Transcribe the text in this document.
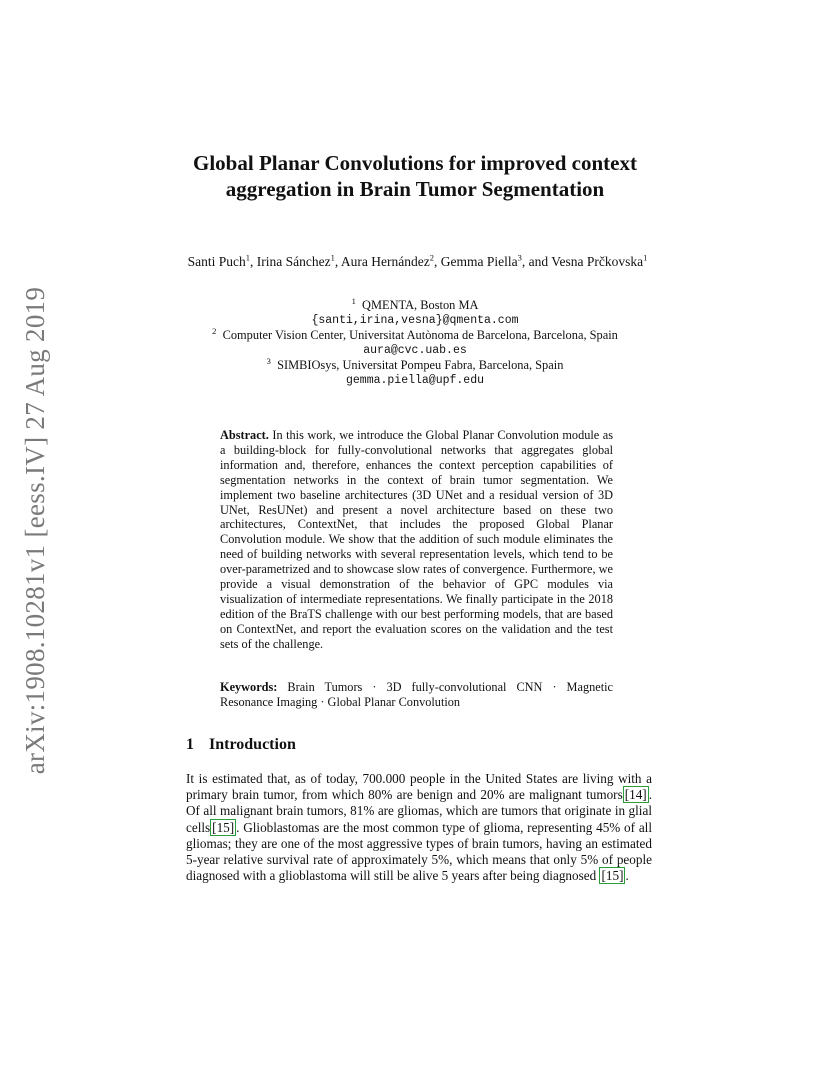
arXiv:1908.10281v1 [eess.IV] 27 Aug 2019
Global Planar Convolutions for improved context aggregation in Brain Tumor Segmentation
Santi Puch$^1$, Irina Sánchez$^1$, Aura Hernández$^2$, Gemma Piella$^3$, and Vesna Prčkovska$^1$
$^1$ QMENTA, Boston MA
{santi,irina,vesna}@qmenta.com
$^2$ Computer Vision Center, Universitat Autònoma de Barcelona, Barcelona, Spain
aura@cvc.uab.es
$^3$ SIMBIOsys, Universitat Pompeu Fabra, Barcelona, Spain
gemma.piella@upf.edu
Abstract. In this work, we introduce the Global Planar Convolution module as a building-block for fully-convolutional networks that aggregates global information and, therefore, enhances the context perception capabilities of segmentation networks in the context of brain tumor segmentation. We implement two baseline architectures (3D UNet and a residual version of 3D UNet, ResUNet) and present a novel architecture based on these two architectures, ContextNet, that includes the proposed Global Planar Convolution module. We show that the addition of such module eliminates the need of building networks with several representation levels, which tend to be over-parametrized and to showcase slow rates of convergence. Furthermore, we provide a visual demonstration of the behavior of GPC modules via visualization of intermediate representations. We finally participate in the 2018 edition of the BraTS challenge with our best performing models, that are based on ContextNet, and report the evaluation scores on the validation and the test sets of the challenge.
Keywords: Brain Tumors · 3D fully-convolutional CNN · Magnetic Resonance Imaging · Global Planar Convolution
1 Introduction
It is estimated that, as of today, 700.000 people in the United States are living with a primary brain tumor, from which 80% are benign and 20% are malignant tumors [14] . Of all malignant brain tumors, 81% are gliomas, which are tumors that originate in glial cells [15] . Glioblastomas are the most common type of glioma, representing 45% of all gliomas; they are one of the most aggressive types of brain tumors, having an estimated 5-year relative survival rate of approximately 5%, which means that only 5% of people diagnosed with a glioblastoma will still be alive 5 years after being diagnosed [15] .
